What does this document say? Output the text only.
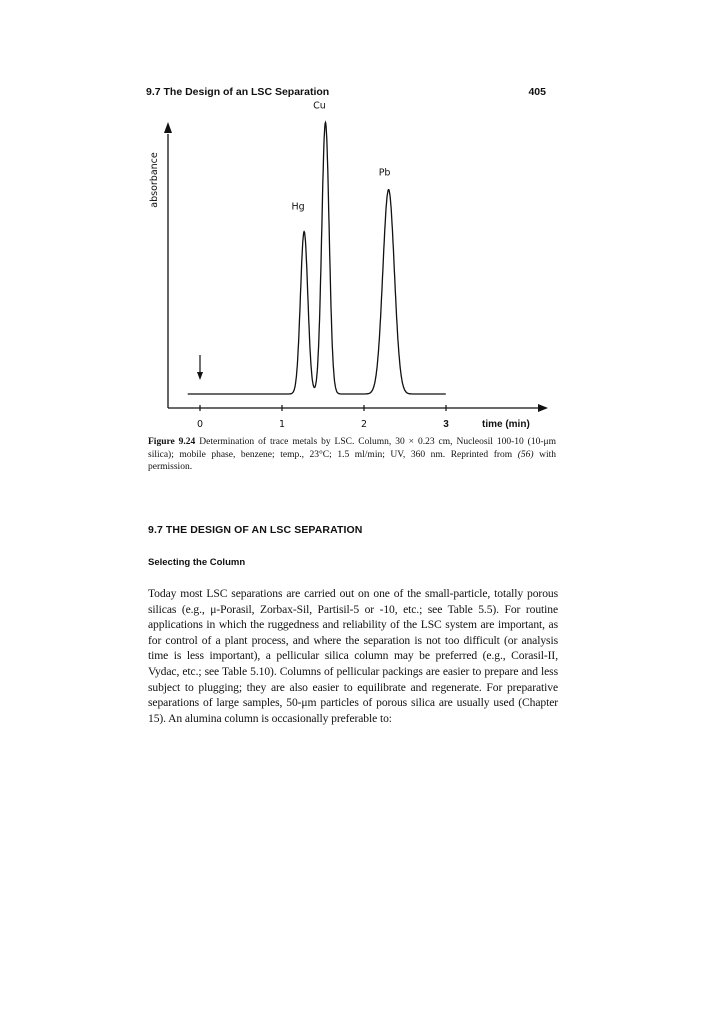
9.7 The Design of an LSC Separation	405
absorbance
time (min)
0	1	2	3
Hg
Cu
Pb
Figure 9.24 Determination of trace metals by LSC. Column, 30 × 0.23 cm, Nucleosil 100-10 (10-μm silica); mobile phase, benzene; temp., 23°C; 1.5 ml/min; UV, 360 nm. Reprinted from (56) with permission.
9.7 THE DESIGN OF AN LSC SEPARATION
Selecting the Column
Today most LSC separations are carried out on one of the small-particle, totally porous silicas (e.g., μ-Porasil, Zorbax-Sil, Partisil-5 or -10, etc.; see Table 5.5). For routine applications in which the ruggedness and reliability of the LSC system are important, as for control of a plant process, and where the separation is not too difficult (or analysis time is less important), a pellicular silica column may be preferred (e.g., Corasil-II, Vydac, etc.; see Table 5.10). Columns of pellicular packings are easier to prepare and less subject to plugging; they are also easier to equilibrate and regenerate. For preparative separations of large samples, 50-μm particles of porous silica are usually used (Chapter 15). An alumina column is occasionally preferable to:
